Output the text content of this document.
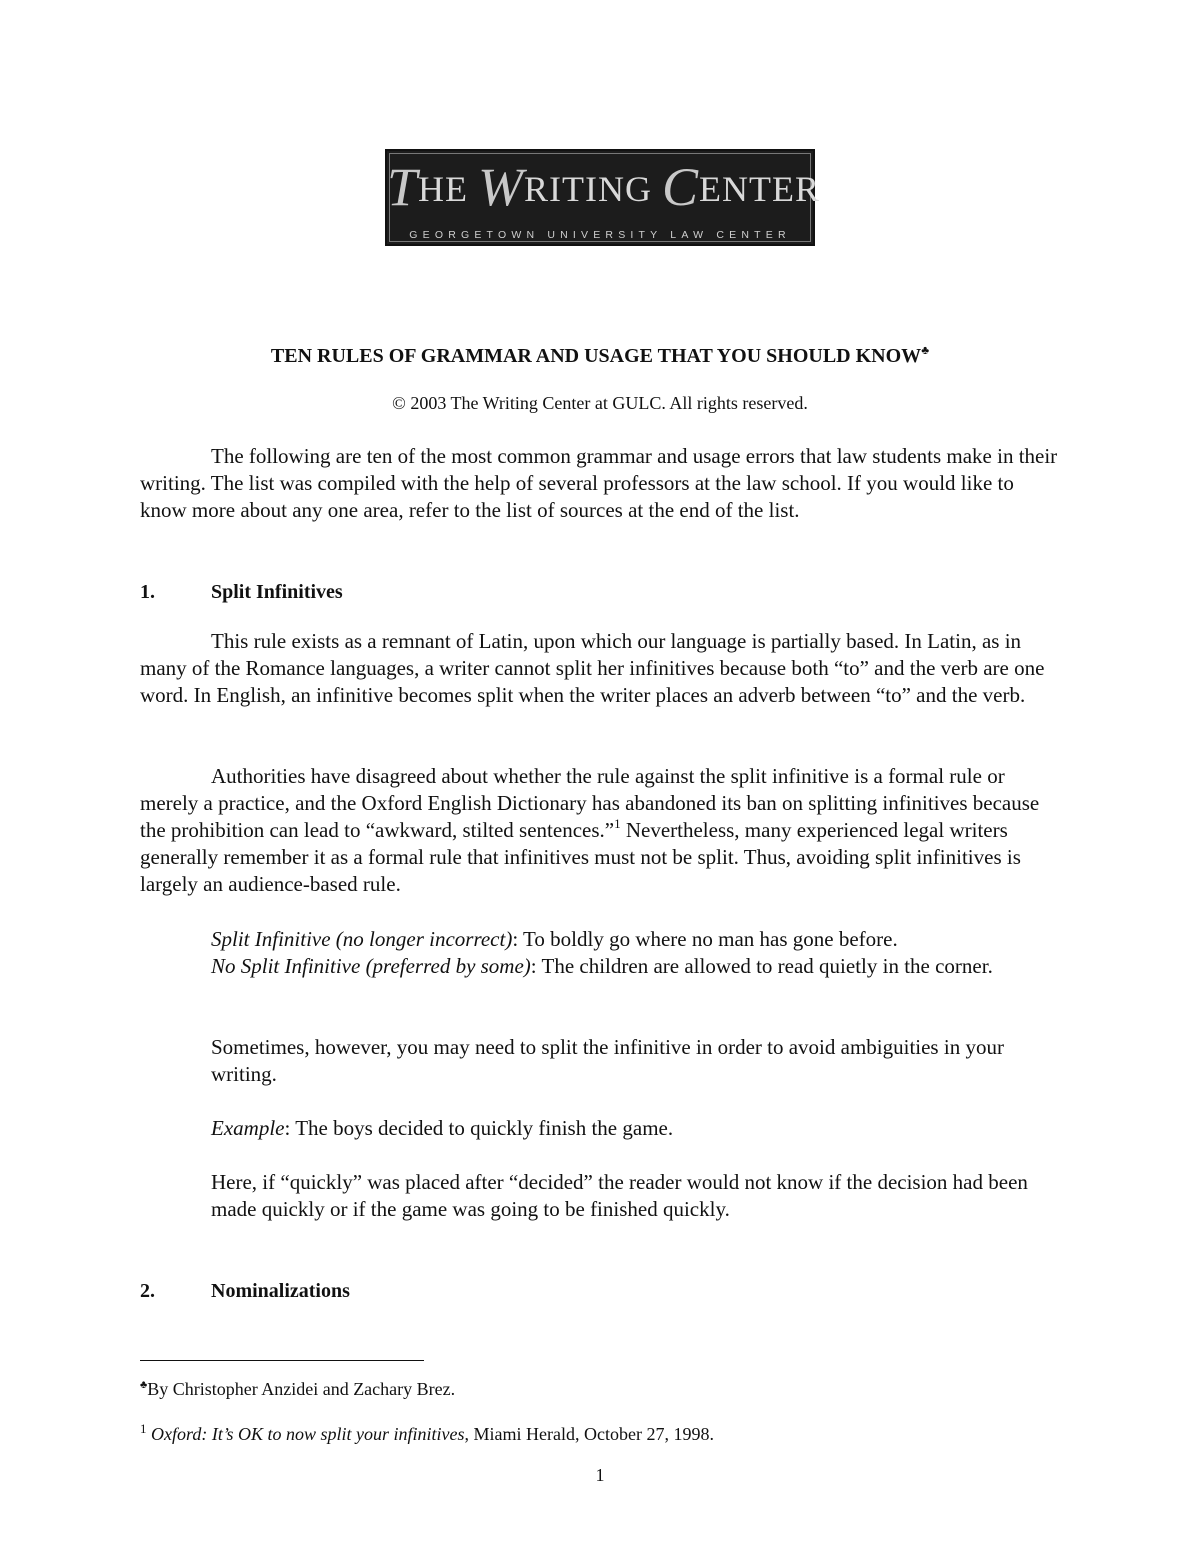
THE WRITING CENTER
GEORGETOWN UNIVERSITY LAW CENTER
TEN RULES OF GRAMMAR AND USAGE THAT YOU SHOULD KNOW♣
© 2003 The Writing Center at GULC. All rights reserved.

The following are ten of the most common grammar and usage errors that law students make in their writing. The list was compiled with the help of several professors at the law school. If you would like to know more about any one area, refer to the list of sources at the end of the list.

1.	Split Infinitives

This rule exists as a remnant of Latin, upon which our language is partially based. In Latin, as in many of the Romance languages, a writer cannot split her infinitives because both “to” and the verb are one word. In English, an infinitive becomes split when the writer places an adverb between “to” and the verb.

Authorities have disagreed about whether the rule against the split infinitive is a formal rule or merely a practice, and the Oxford English Dictionary has abandoned its ban on splitting infinitives because the prohibition can lead to “awkward, stilted sentences.”$^1$ Nevertheless, many experienced legal writers generally remember it as a formal rule that infinitives must not be split. Thus, avoiding split infinitives is largely an audience-based rule.

Split Infinitive (no longer incorrect): To boldly go where no man has gone before.

No Split Infinitive (preferred by some): The children are allowed to read quietly in the corner.

Sometimes, however, you may need to split the infinitive in order to avoid ambiguities in your writing.

Example: The boys decided to quickly finish the game.

Here, if “quickly” was placed after “decided” the reader would not know if the decision had been made quickly or if the game was going to be finished quickly.

2.	Nominalizations
♣By Christopher Anzidei and Zachary Brez.
$^1$ Oxford: It’s OK to now split your infinitives, Miami Herald, October 27, 1998.
1
